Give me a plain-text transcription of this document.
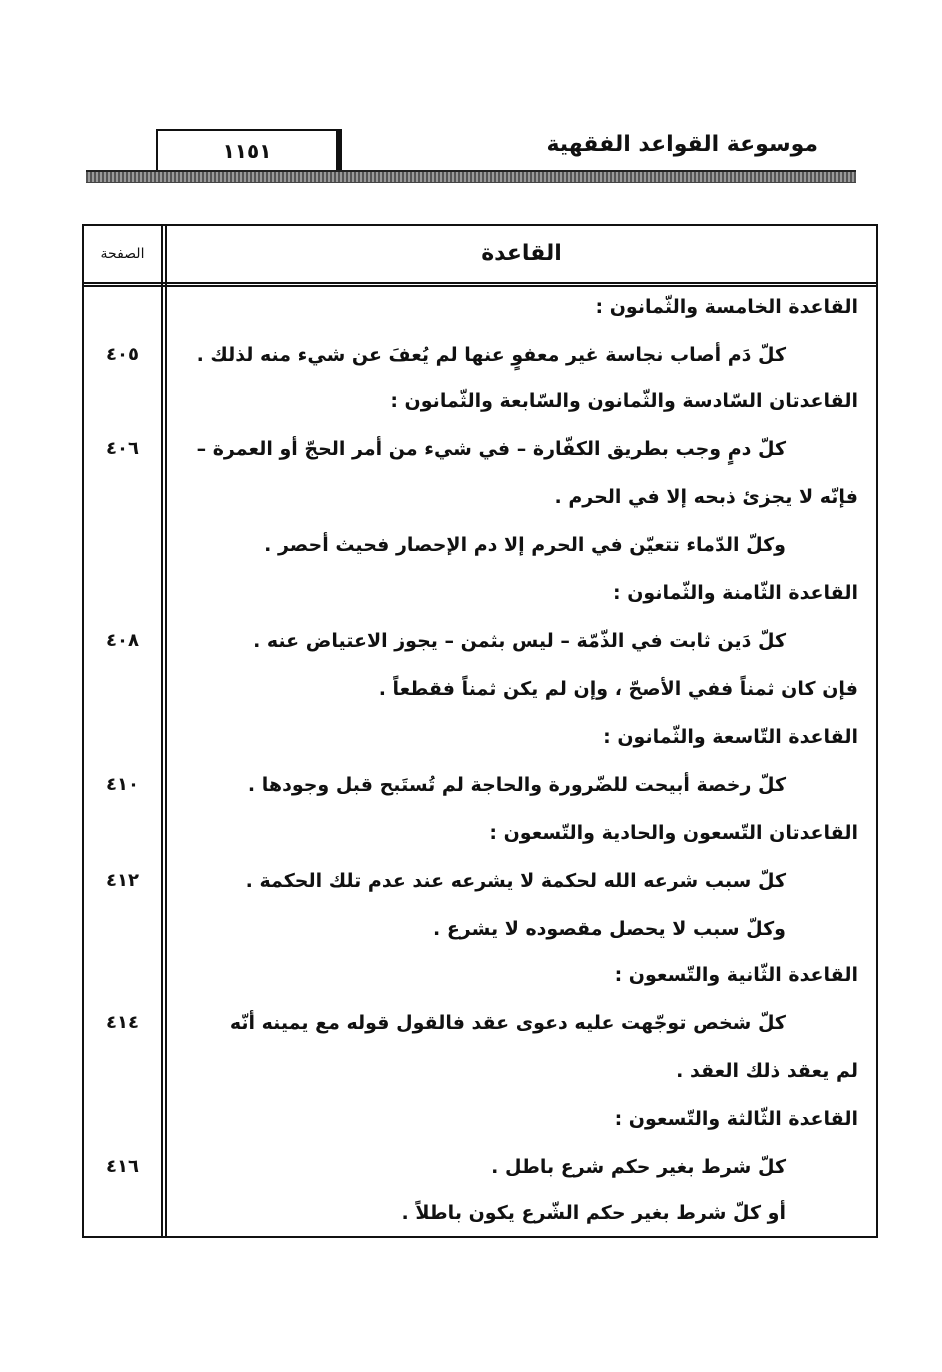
موسوعة القواعد الفقهية
١١٥١
الصفحة	القاعدة
القاعدة الخامسة والثّمانون :
كلّ دَم أصاب نجاسة غير معفوٍ عنها لم يُعفَ عن شيء منه لذلك .
٤٠٥
القاعدتان السّادسة والثّمانون والسّابعة والثّمانون :
كلّ دمٍ وجب بطريق الكفّارة – في شيء من أمر الحجّ أو العمرة –
٤٠٦
فإنّه لا يجزئ ذبحه إلا في الحرم .
وكلّ الدّماء تتعيّن في الحرم إلا دم الإحصار فحيث أحصر .
القاعدة الثّامنة والثّمانون :
كلّ دَين ثابت في الذّمّة – ليس بثمن – يجوز الاعتياض عنه .
٤٠٨
فإن كان ثمناً ففي الأصحّ ، وإن لم يكن ثمناً فقطعاً .
القاعدة التّاسعة والثّمانون :
كلّ رخصة أبيحت للضّرورة والحاجة لم تُستَبح قبل وجودها .
٤١٠
القاعدتان التّسعون والحادية والتّسعون :
كلّ سبب شرعه الله لحكمة لا يشرعه عند عدم تلك الحكمة .
٤١٢
وكلّ سبب لا يحصل مقصوده لا يشرع .
القاعدة الثّانية والتّسعون :
كلّ شخص توجّهت عليه دعوى عقد فالقول قوله مع يمينه أنّه
٤١٤
لم يعقد ذلك العقد .
القاعدة الثّالثة والتّسعون :
كلّ شرط بغير حكم شرع باطل .
٤١٦
أو كلّ شرط بغير حكم الشّرع يكون باطلاً .
